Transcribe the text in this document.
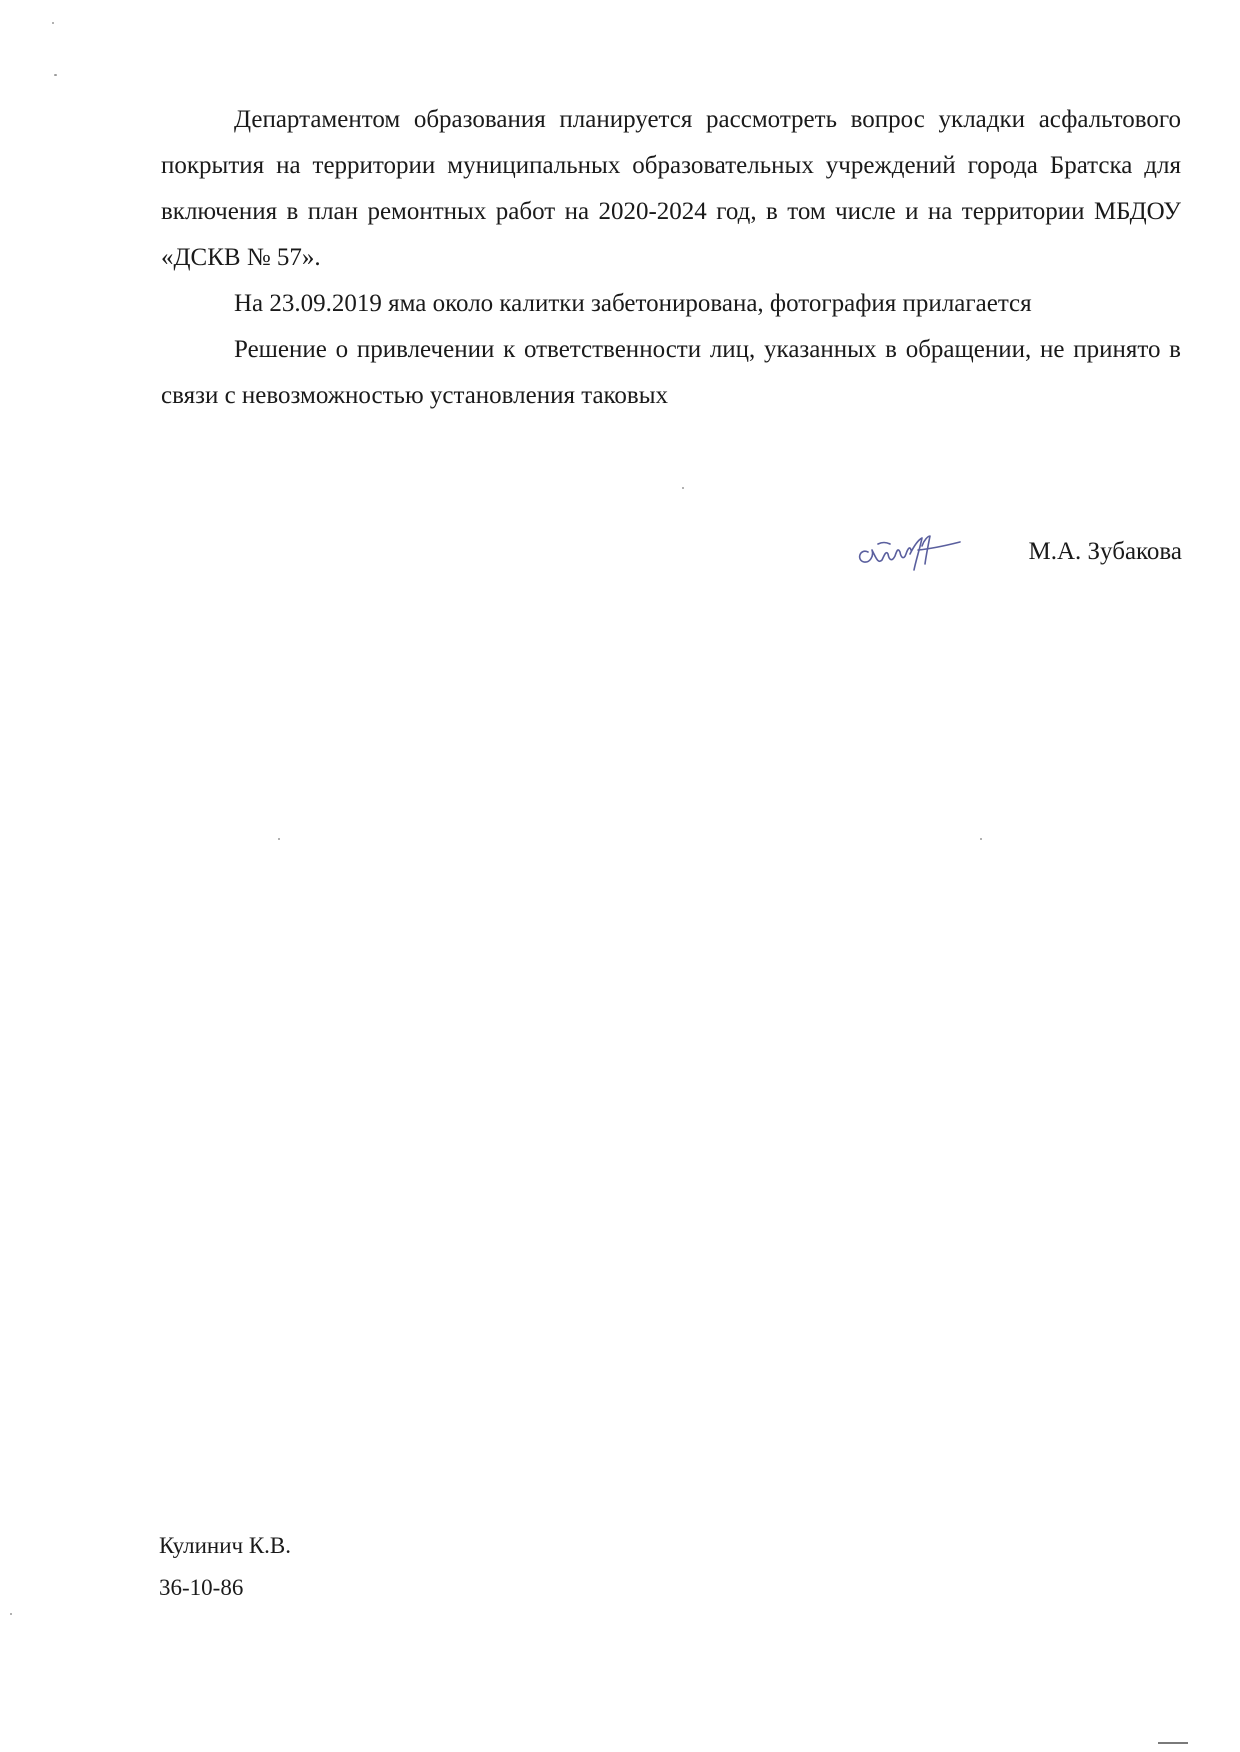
Департаментом образования планируется рассмотреть вопрос укладки асфальтового покрытия на территории муниципальных образовательных учреждений города Братска для включения в план ремонтных работ на 2020-2024 год, в том числе и на территории МБДОУ «ДСКВ № 57».

На 23.09.2019 яма около калитки забетонирована, фотография прилагается

Решение о привлечении к ответственности лиц, указанных в обращении, не принято в связи с невозможностью установления таковых

М.А. Зубакова
Кулинич К.В.
36-10-86
